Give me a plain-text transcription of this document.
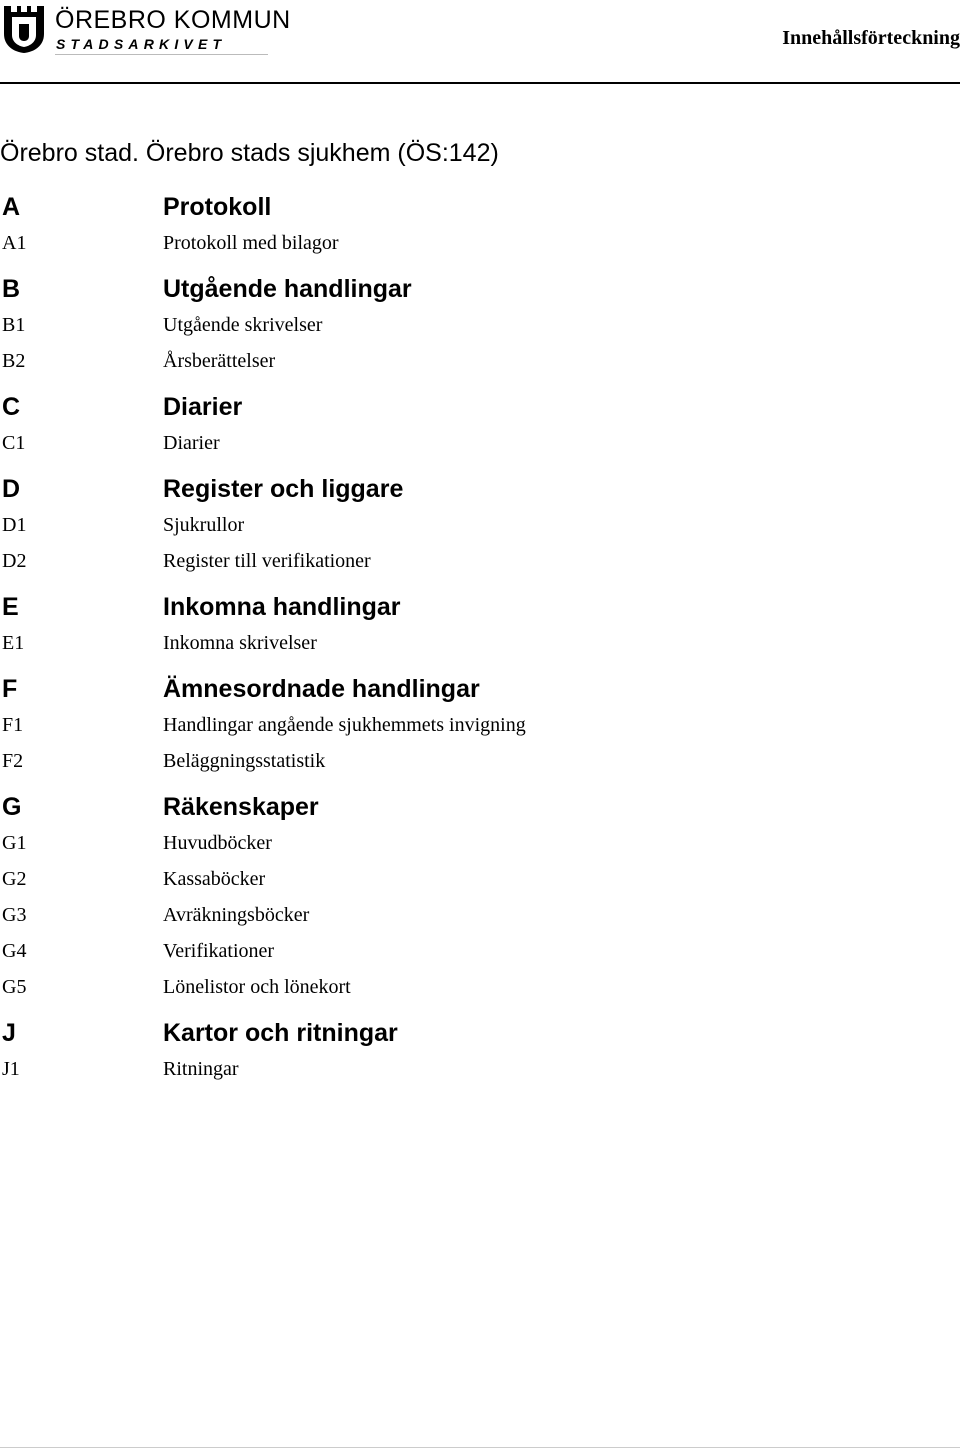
ÖREBRO KOMMUN
STADSARKIVET	Innehållsförteckning
Örebro stad. Örebro stads sjukhem (ÖS:142)
A	Protokoll
A1	Protokoll med bilagor
B	Utgående handlingar
B1	Utgående skrivelser
B2	Årsberättelser
C	Diarier
C1	Diarier
D	Register och liggare
D1	Sjukrullor
D2	Register till verifikationer
E	Inkomna handlingar
E1	Inkomna skrivelser
F	Ämnesordnade handlingar
F1	Handlingar angående sjukhemmets invigning
F2	Beläggningsstatistik
G	Räkenskaper
G1	Huvudböcker
G2	Kassaböcker
G3	Avräkningsböcker
G4	Verifikationer
G5	Lönelistor och lönekort
J	Kartor och ritningar
J1	Ritningar
